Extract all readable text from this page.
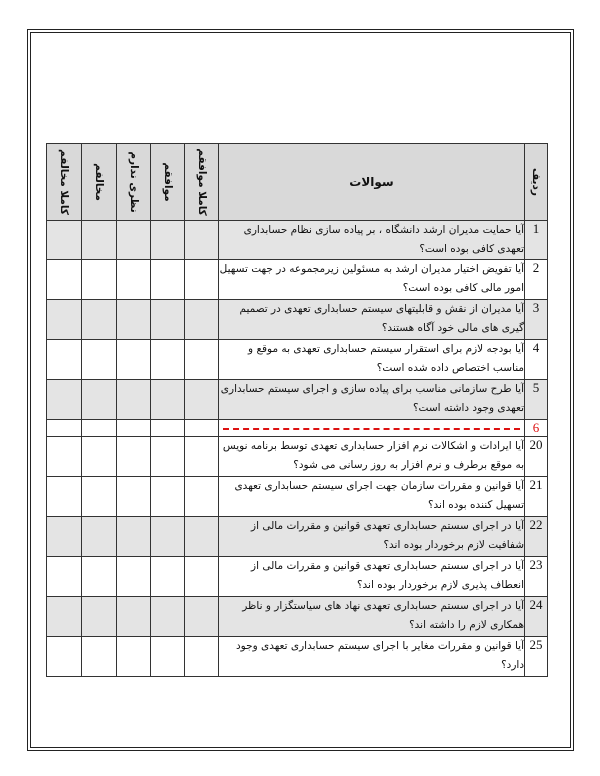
ردیف	سوالات	کاملا موافقم	موافقم	نظری ندارم	مخالفم	کاملا مخالفم

1	آیا حمایت مدیران ارشد دانشگاه ، بر پیاده سازی نظام حسابداری تعهدی کافی بوده است؟					
2	آیا تفویض اختیار مدیران ارشد به مسئولین زیرمجموعه در جهت تسهیل امور مالی کافی بوده است؟					
3	آیا مدیران از نقش و قابلیتهای سیستم حسابداری تعهدی در تصمیم گیری های مالی خود آگاه هستند؟					
4	آیا بودجه لازم برای استقرار سیستم حسابداری تعهدی به موقع و مناسب اختصاص داده شده است؟					
5	آیا طرح سازمانی مناسب برای پیاده سازی و اجرای سیستم حسابداری تعهدی وجود داشته است؟					
6	

20	آیا ایرادات و اشکالات نرم افزار حسابداری تعهدی توسط برنامه نویس به موقع برطرف و نرم افزار به روز رسانی می شود؟					
21	آیا قوانین و مقررات سازمان جهت اجرای سیستم حسابداری تعهدی تسهیل کننده بوده اند؟					
22	آیا در اجرای سستم حسابداری تعهدی قوانین و مقررات مالی از شفافیت لازم برخوردار بوده اند؟					
23	آیا در اجرای سستم حسابداری تعهدی قوانین و مقررات مالی از انعطاف پذیری لازم برخوردار بوده اند؟					
24	آیا در اجرای سستم حسابداری تعهدی نهاد های سیاستگزار و ناظر همکاری لازم را داشته اند؟					
25	آیا قوانین و مقررات مغایر با اجرای سیستم حسابداری تعهدی وجود دارد؟					
